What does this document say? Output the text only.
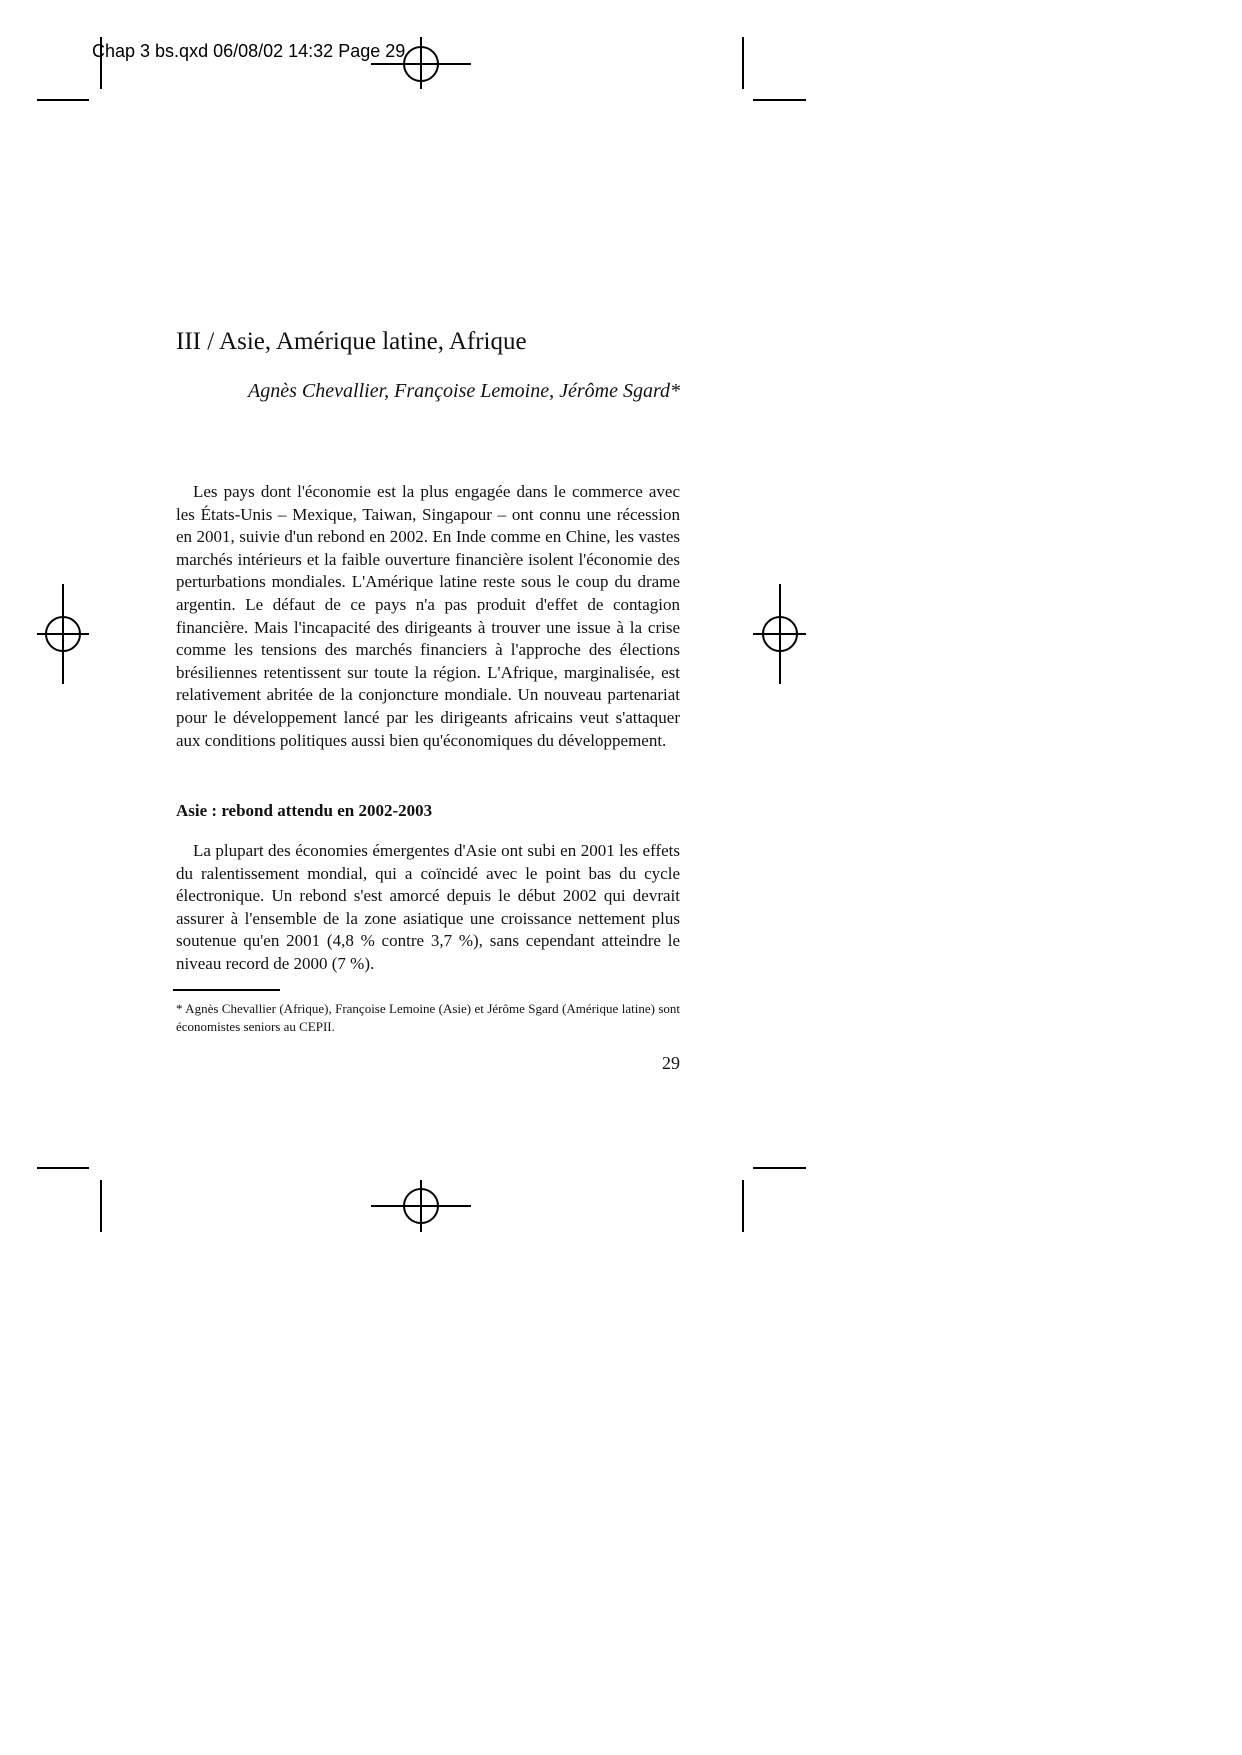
Chap 3 bs.qxd 06/08/02 14:32 Page 29
III / Asie, Amérique latine, Afrique
Agnès Chevallier, Françoise Lemoine, Jérôme Sgard*

Les pays dont l'économie est la plus engagée dans le commerce avec les États-Unis – Mexique, Taiwan, Singapour – ont connu une récession en 2001, suivie d'un rebond en 2002. En Inde comme en Chine, les vastes marchés intérieurs et la faible ouverture financière isolent l'économie des perturbations mondiales. L'Amérique latine reste sous le coup du drame argentin. Le défaut de ce pays n'a pas produit d'effet de contagion financière. Mais l'incapacité des dirigeants à trouver une issue à la crise comme les tensions des marchés financiers à l'approche des élections brésiliennes retentissent sur toute la région. L'Afrique, marginalisée, est relativement abritée de la conjoncture mondiale. Un nouveau partenariat pour le développement lancé par les dirigeants africains veut s'attaquer aux conditions politiques aussi bien qu'économiques du développement.

Asie : rebond attendu en 2002-2003

La plupart des économies émergentes d'Asie ont subi en 2001 les effets du ralentissement mondial, qui a coïncidé avec le point bas du cycle électronique. Un rebond s'est amorcé depuis le début 2002 qui devrait assurer à l'ensemble de la zone asiatique une croissance nettement plus soutenue qu'en 2001 (4,8 % contre 3,7 %), sans cependant atteindre le niveau record de 2000 (7 %).

* Agnès Chevallier (Afrique), Françoise Lemoine (Asie) et Jérôme Sgard (Amérique latine) sont économistes seniors au CEPII.

29
